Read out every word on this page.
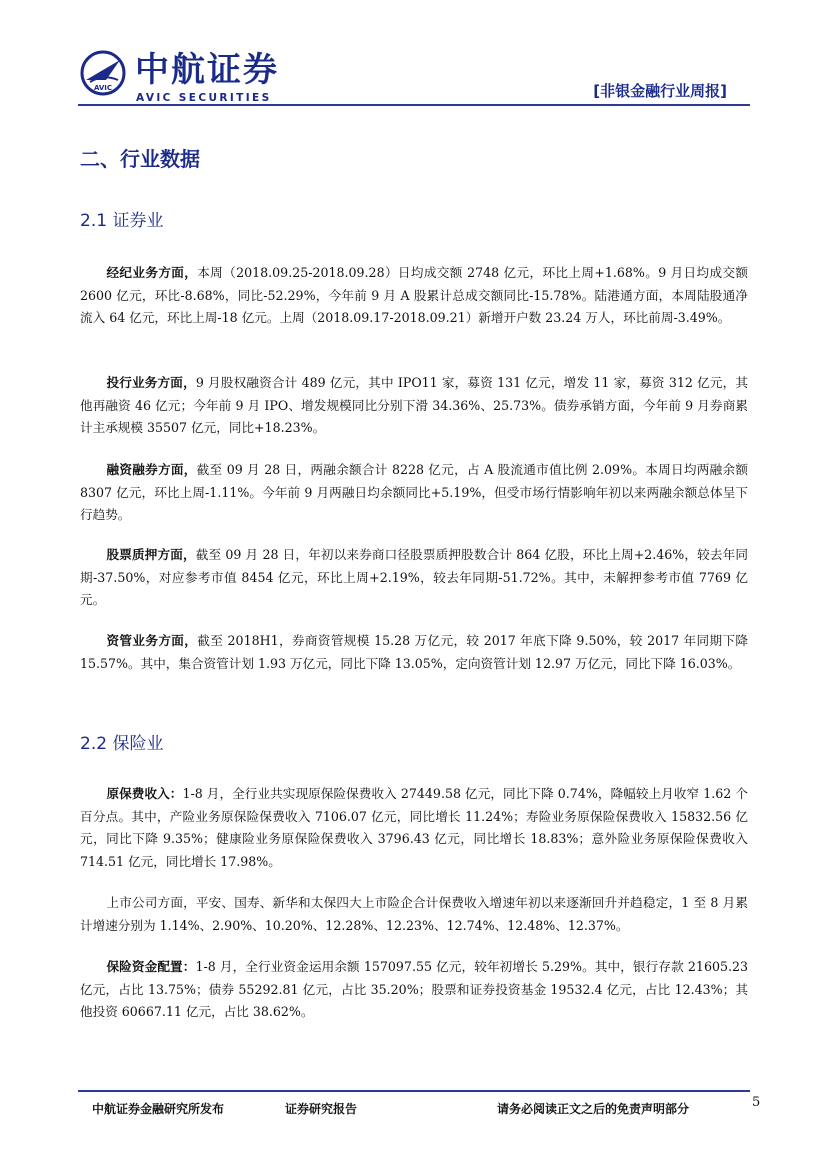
AVIC 中航证券
AVIC SECURITIES	[非银金融行业周报]
二、行业数据
2.1 证券业

经纪业务方面，本周（2018.09.25-2018.09.28）日均成交额 2748 亿元，环比上周+1.68%。9 月日均成交额 2600 亿元，环比-8.68%，同比-52.29%，今年前 9 月 A 股累计总成交额同比-15.78%。陆港通方面，本周陆股通净流入 64 亿元，环比上周-18 亿元。上周（2018.09.17-2018.09.21）新增开户数 23.24 万人，环比前周-3.49%。

投行业务方面，9 月股权融资合计 489 亿元，其中 IPO11 家，募资 131 亿元，增发 11 家，募资 312 亿元，其他再融资 46 亿元；今年前 9 月 IPO、增发规模同比分别下滑 34.36%、25.73%。债券承销方面，今年前 9 月券商累计主承规模 35507 亿元，同比+18.23%。

融资融券方面，截至 09 月 28 日，两融余额合计 8228 亿元，占 A 股流通市值比例 2.09%。本周日均两融余额 8307 亿元，环比上周-1.11%。今年前 9 月两融日均余额同比+5.19%，但受市场行情影响年初以来两融余额总体呈下行趋势。

股票质押方面，截至 09 月 28 日，年初以来券商口径股票质押股数合计 864 亿股，环比上周+2.46%，较去年同期-37.50%，对应参考市值 8454 亿元，环比上周+2.19%，较去年同期-51.72%。其中，未解押参考市值 7769 亿元。

资管业务方面，截至 2018H1，券商资管规模 15.28 万亿元，较 2017 年底下降 9.50%，较 2017 年同期下降 15.57%。其中，集合资管计划 1.93 万亿元，同比下降 13.05%，定向资管计划 12.97 万亿元，同比下降 16.03%。

2.2 保险业

原保费收入：1-8 月，全行业共实现原保险保费收入 27449.58 亿元，同比下降 0.74%，降幅较上月收窄 1.62 个百分点。其中，产险业务原保险保费收入 7106.07 亿元，同比增长 11.24%；寿险业务原保险保费收入 15832.56 亿元，同比下降 9.35%；健康险业务原保险保费收入 3796.43 亿元，同比增长 18.83%；意外险业务原保险保费收入 714.51 亿元，同比增长 17.98%。

上市公司方面，平安、国寿、新华和太保四大上市险企合计保费收入增速年初以来逐渐回升并趋稳定，1 至 8 月累计增速分别为 1.14%、2.90%、10.20%、12.28%、12.23%、12.74%、12.48%、12.37%。

保险资金配置：1-8 月，全行业资金运用余额 157097.55 亿元，较年初增长 5.29%。其中，银行存款 21605.23 亿元，占比 13.75%；债券 55292.81 亿元，占比 35.20%；股票和证券投资基金 19532.4 亿元，占比 12.43%；其他投资 60667.11 亿元，占比 38.62%。

中航证券金融研究所发布	证券研究报告	请务必阅读正文之后的免责声明部分	5
